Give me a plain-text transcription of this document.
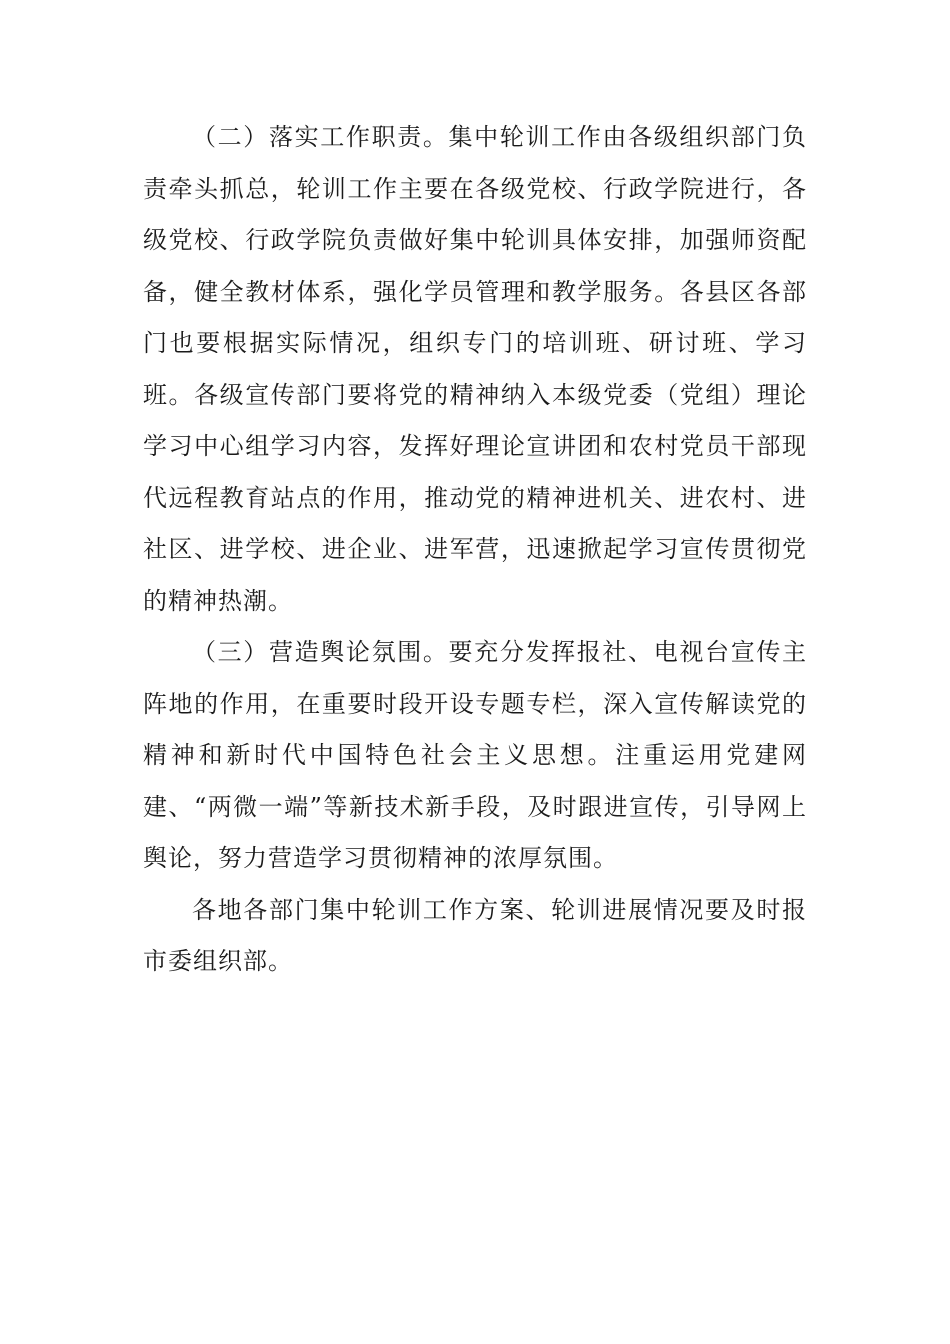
（二）落实工作职责。集中轮训工作由各级组织部门负责牵头抓总，轮训工作主要在各级党校、行政学院进行，各级党校、行政学院负责做好集中轮训具体安排，加强师资配备，健全教材体系，强化学员管理和教学服务。各县区各部门也要根据实际情况，组织专门的培训班、研讨班、学习班。各级宣传部门要将党的精神纳入本级党委（党组）理论学习中心组学习内容，发挥好理论宣讲团和农村党员干部现代远程教育站点的作用，推动党的精神进机关、进农村、进社区、进学校、进企业、进军营，迅速掀起学习宣传贯彻党的精神热潮。

（三）营造舆论氛围。要充分发挥报社、电视台宣传主阵地的作用，在重要时段开设专题专栏，深入宣传解读党的精神和新时代中国特色社会主义思想。注重运用党建网建、“两微一端”等新技术新手段，及时跟进宣传，引导网上舆论，努力营造学习贯彻精神的浓厚氛围。

各地各部门集中轮训工作方案、轮训进展情况要及时报市委组织部。
